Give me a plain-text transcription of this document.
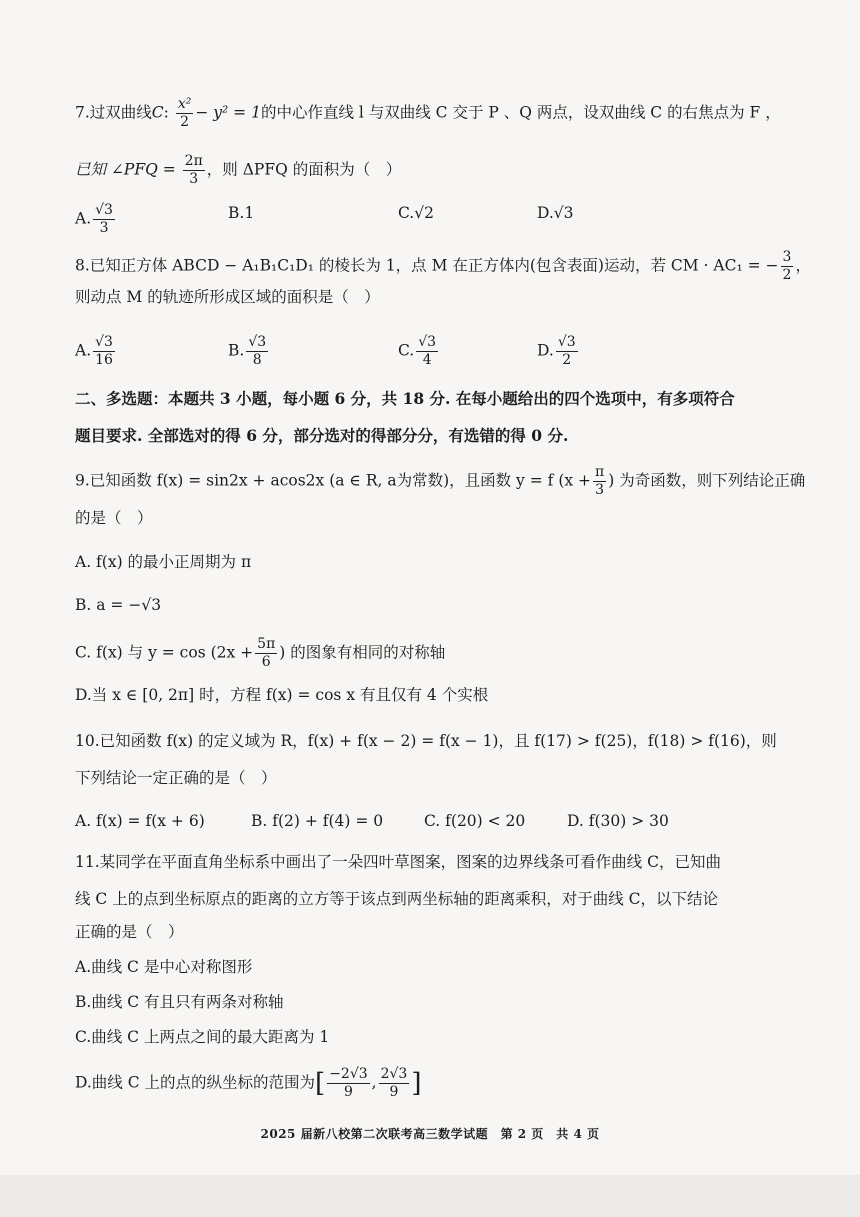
7.过双曲线C: $\frac{\text{x²}}{2} - y^2 = 1$的中心作直线 l 与双曲线 C 交于 P 、Q 两点，设双曲线 C 的右焦点为 F ，
已知 ∠PFQ = $\frac{2\pi}{3}$ ，则 ΔPFQ 的面积为（　）
A. $\frac{√3}{3}$	B.1	C.√2	D.√3
8.已知正方体 ABCD − A₁B₁C₁D₁ 的棱长为 1，点 M 在正方体内(包含表面)运动，若 CM · AC₁ = − $\frac{3}{2}$ ，
则动点 M 的轨迹所形成区域的面积是（　）
A. $\frac{√3}{16}$	B. $\frac{√3}{8}$	C. $\frac{√3}{4}$	D. $\frac{√3}{2}$
二、多选题：本题共 3 小题，每小题 6 分，共 18 分. 在每小题给出的四个选项中，有多项符合
题目要求. 全部选对的得 6 分，部分选对的得部分分，有选错的得 0 分.
9.已知函数 f(x) = sin2x + acos2x (a ∈ R, a为常数)，且函数 y = f ($x + \frac{\pi}{3}$ ) 为奇函数，则下列结论正确
的是（　）
A. f(x) 的最小正周期为 π
B. a = −√3
C. f(x) 与 $y = \cos (2x + \frac{5\pi}{6}$ ) 的图象有相同的对称轴
D.当 x ∈ [0, 2π] 时，方程 f(x) = cos x 有且仅有 4 个实根
10.已知函数 f(x) 的定义域为 R，f(x) + f(x − 2) = f(x − 1)，且 f(17) > f(25)，f(18) > f(16)，则
下列结论一定正确的是（　）
A. f(x) = f(x + 6)	B. f(2) + f(4) = 0	C. f(20) < 20	D. f(30) > 30
11.某同学在平面直角坐标系中画出了一朵四叶草图案，图案的边界线条可看作曲线 C，已知曲
线 C 上的点到坐标原点的距离的立方等于该点到两坐标轴的距离乘积，对于曲线 C，以下结论
正确的是（　）
A.曲线 C 是中心对称图形
B.曲线 C 有且只有两条对称轴
C.曲线 C 上两点之间的最大距离为 1
D.曲线 C 上的点的纵坐标的范围为[ $\frac{-2√3}{9}$ , $\frac{2√3}{9}$ ]
2025 届新八校第二次联考高三数学试题　第 2 页　共 4 页
